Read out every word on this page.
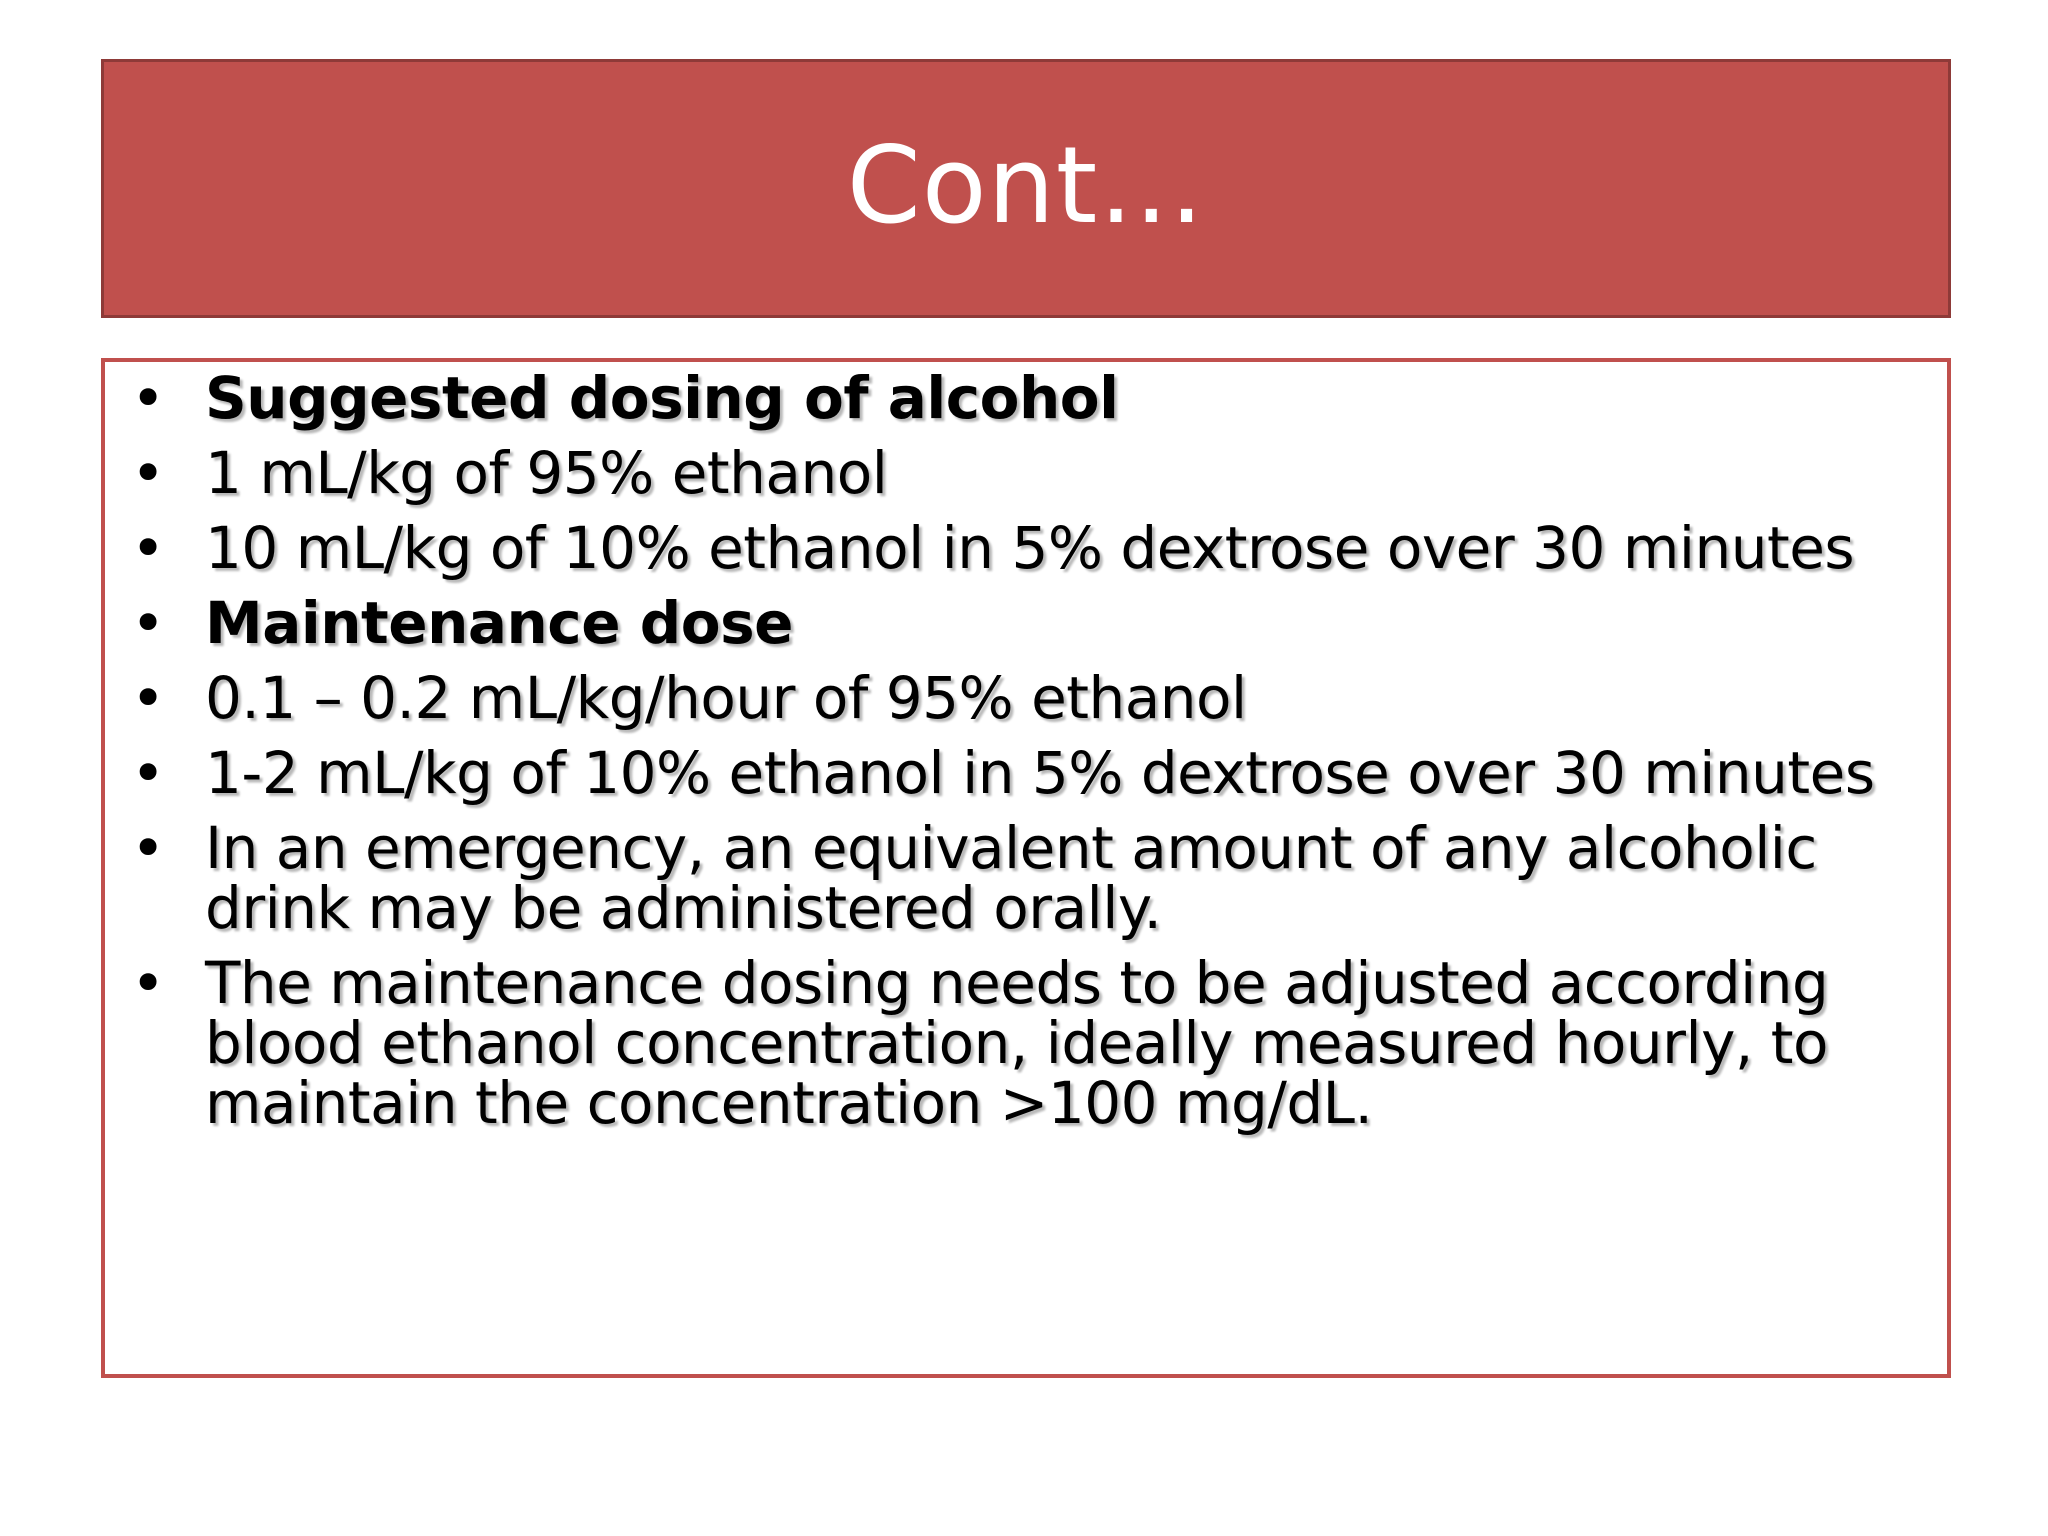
Cont…
• Suggested dosing of alcohol
• 1 mL/kg of 95% ethanol
• 10 mL/kg of 10% ethanol in 5% dextrose over 30 minutes
• Maintenance dose
• 0.1 – 0.2 mL/kg/hour of 95% ethanol
• 1-2 mL/kg of 10% ethanol in 5% dextrose over 30 minutes
• In an emergency, an equivalent amount of any alcoholic drink may be administered orally.
• The maintenance dosing needs to be adjusted according blood ethanol concentration, ideally measured hourly, to maintain the concentration >100 mg/dL.
